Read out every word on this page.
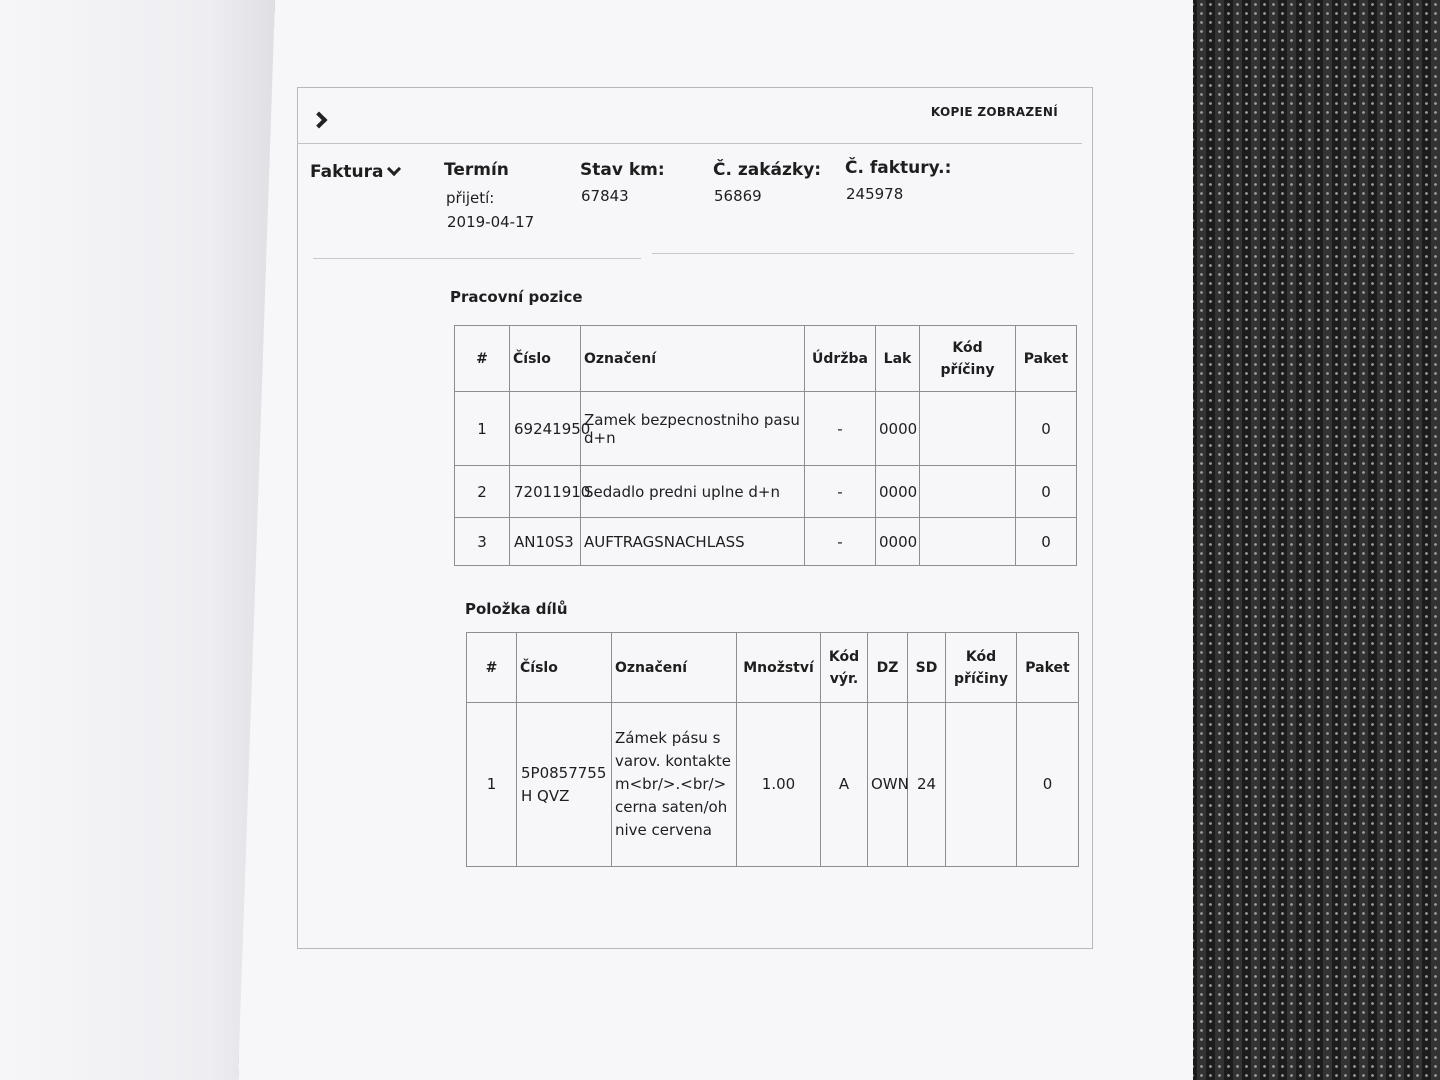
KOPIE ZOBRAZENÍ
Faktura	Termín
přijetí:
2019-04-17
Stav km:
67843
Č. zakázky:
56869
Č. faktury.:
245978
Pracovní pozice
#	Číslo	Označení	Údržba	Lak	Kód příčiny	Paket
1	69241950	Zamek bezpecnostniho pasu d+n	-	0000		0
2	72011910	Sedadlo predni uplne d+n	-	0000		0
3	AN10S3	AUFTRAGSNACHLASS	-	0000		0
Položka dílů
#	Číslo	Označení	Množství	Kód výr.	DZ	SD	Kód příčiny	Paket
1	5P0857755H QVZ	Zámek pásu s varov. kontaktem<br/>.<br/>cerna saten/ohnive cervena	1.00	A	OWN	24		0
